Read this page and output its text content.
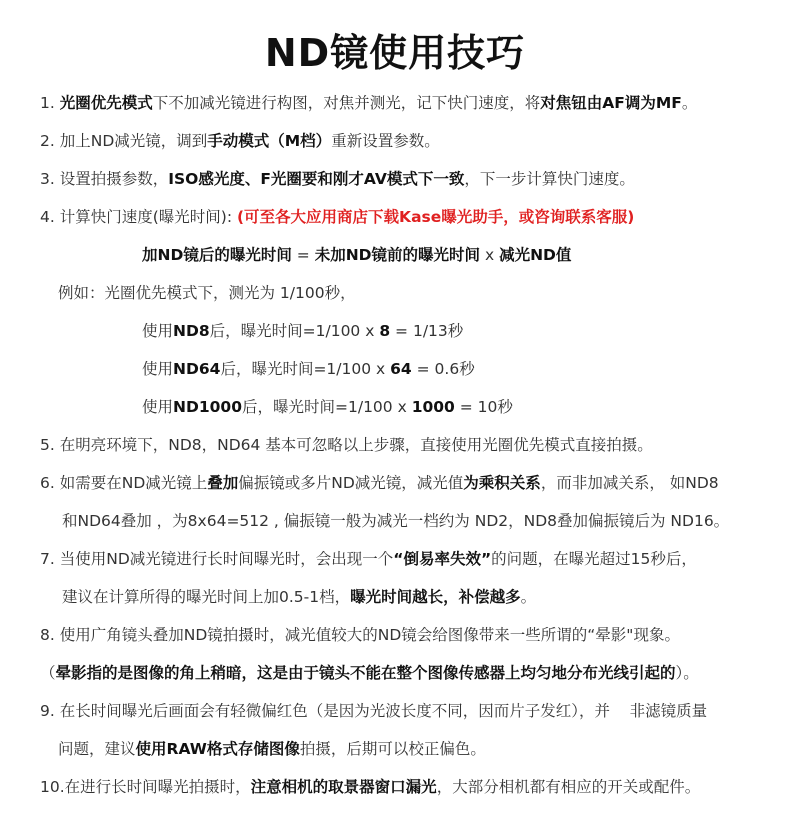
ND镜使用技巧
1. 光圈优先模式下不加减光镜进行构图，对焦并测光，记下快门速度，将对焦钮由AF调为MF。
2. 加上ND减光镜，调到手动模式（M档）重新设置参数。
3. 设置拍摄参数，ISO感光度、F光圈要和刚才AV模式下一致，下一步计算快门速度。
4. 计算快门速度(曝光时间): (可至各大应用商店下载Kase曝光助手，或咨询联系客服)
加ND镜后的曝光时间 = 未加ND镜前的曝光时间 x 减光ND值
例如：光圈优先模式下，测光为 1/100秒，
使用ND8后，曝光时间=1/100 x 8 = 1/13秒
使用ND64后，曝光时间=1/100 x 64 = 0.6秒
使用ND1000后，曝光时间=1/100 x 1000 = 10秒
5. 在明亮环境下，ND8，ND64 基本可忽略以上步骤，直接使用光圈优先模式直接拍摄。
6. 如需要在ND减光镜上叠加偏振镜或多片ND减光镜，减光值为乘积关系，而非加减关系， 如ND8
和ND64叠加 ，为8x64=512 , 偏振镜一般为减光一档约为 ND2，ND8叠加偏振镜后为 ND16。
7. 当使用ND减光镜进行长时间曝光时，会出现一个“倒易率失效”的问题，在曝光超过15秒后，
建议在计算所得的曝光时间上加0.5-1档，曝光时间越长，补偿越多。
8. 使用广角镜头叠加ND镜拍摄时，减光值较大的ND镜会给图像带来一些所谓的“晕影"现象。
（晕影指的是图像的角上稍暗，这是由于镜头不能在整个图像传感器上均匀地分布光线引起的）。
9. 在长时间曝光后画面会有轻微偏红色（是因为光波长度不同，因而片子发红），并    非滤镜质量
问题，建议使用RAW格式存储图像拍摄，后期可以校正偏色。
10.在进行长时间曝光拍摄时，注意相机的取景器窗口漏光，大部分相机都有相应的开关或配件。
